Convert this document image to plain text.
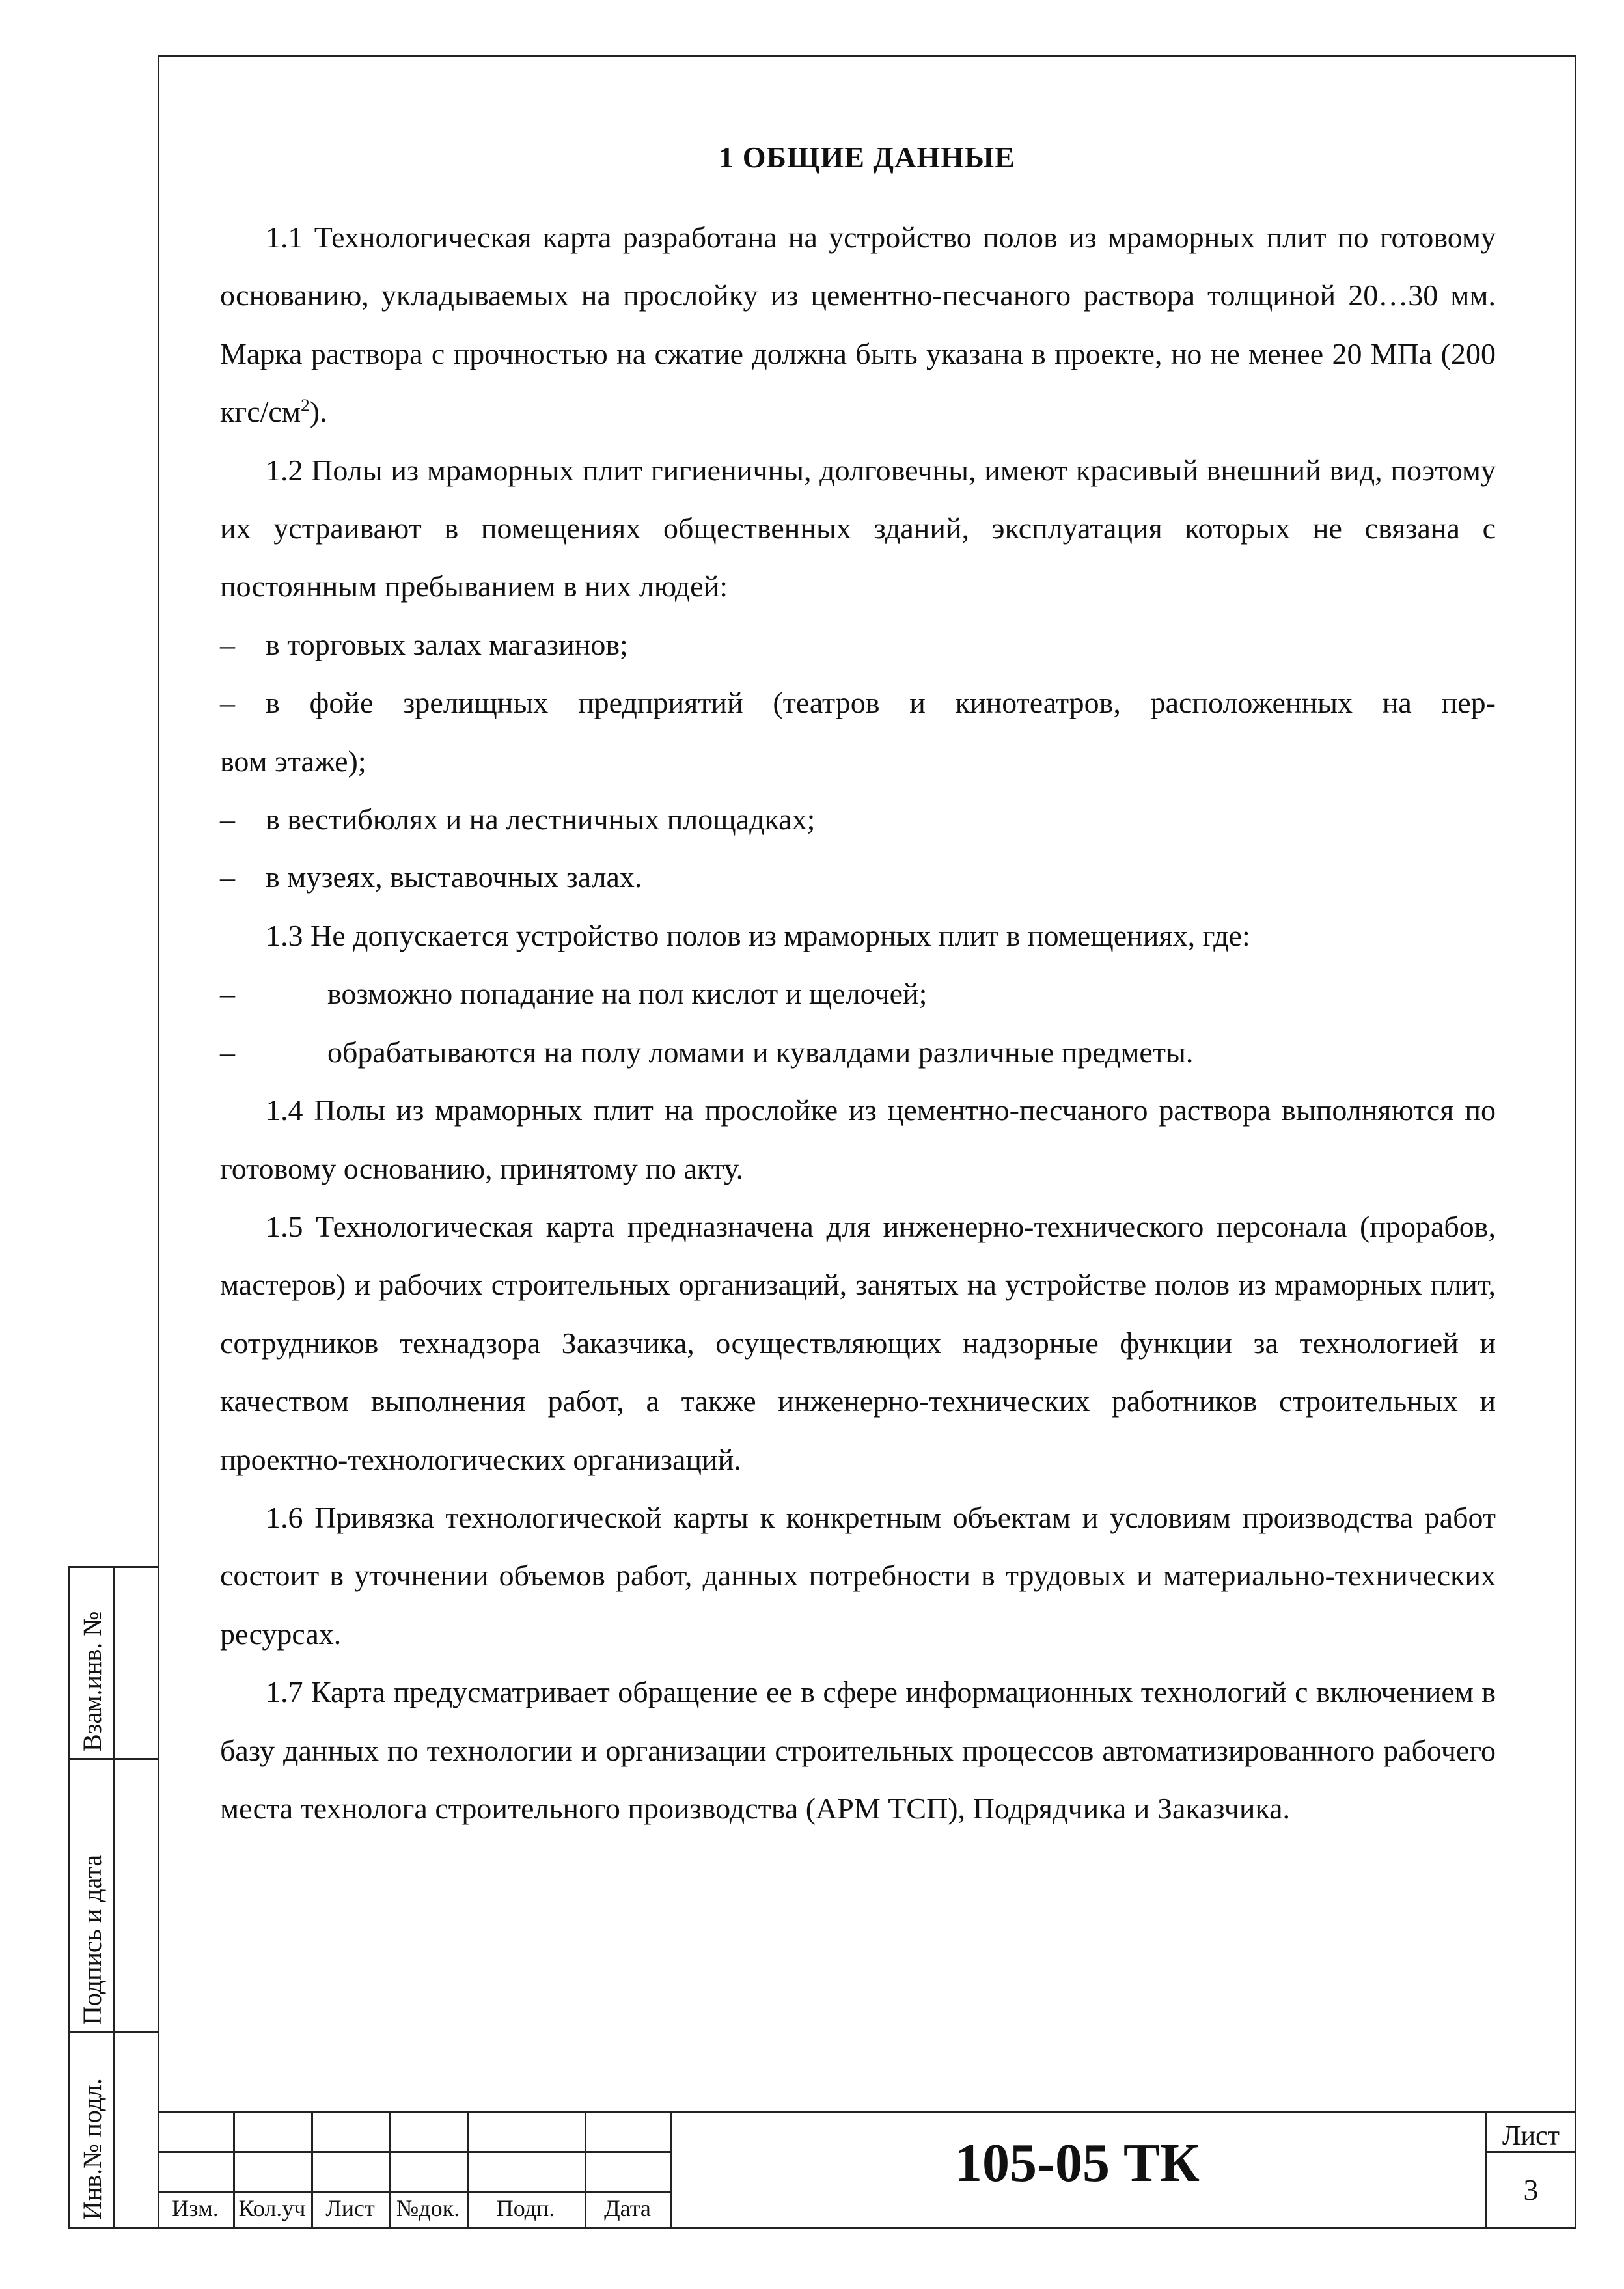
1 ОБЩИЕ ДАННЫЕ

1.1 Технологическая карта разработана на устройство полов из мраморных плит по готовому основанию, укладываемых на прослойку из цементно-песчаного раствора толщиной 20…30 мм. Марка раствора с прочностью на сжатие должна быть указана в проекте, но не менее 20 МПа (200 кгс/$см^2$).

1.2 Полы из мраморных плит гигиеничны, долговечны, имеют красивый внешний вид, поэтому их устраивают в помещениях общественных зданий, эксплуатация которых не связана с постоянным пребыванием в них людей:

–	в торговых залах магазинов;
–	в фойе зрелищных предприятий (театров и кинотеатров, расположенных на пер-

вом этаже);

–	в вестибюлях и на лестничных площадках;
–	в музеях, выставочных залах.

1.3 Не допускается устройство полов из мраморных плит в помещениях, где:

–	возможно попадание на пол кислот и щелочей;
–	обрабатываются на полу ломами и кувалдами различные предметы.

1.4 Полы из мраморных плит на прослойке из цементно-песчаного раствора выполняются по готовому основанию, принятому по акту.

1.5 Технологическая карта предназначена для инженерно-технического персонала (прорабов, мастеров) и рабочих строительных организаций, занятых на устройстве полов из мраморных плит, сотрудников технадзора Заказчика, осуществляющих надзорные функции за технологией и качеством выполнения работ, а также инженерно-технических работников строительных и проектно-технологических организаций.

1.6 Привязка технологической карты к конкретным объектам и условиям производства работ состоит в уточнении объемов работ, данных потребности в трудовых и материально-технических ресурсах.

1.7 Карта предусматривает обращение ее в сфере информационных технологий с включением в базу данных по технологии и организации строительных процессов автоматизированного рабочего места технолога строительного производства (АРМ ТСП), Подрядчика и Заказчика.

Взам.инв. №
Подпись и дата
Инв.№ подл.	Изм. Кол.уч Лист №док.	Подп.	Дата
105-05 ТК	Лист
3
